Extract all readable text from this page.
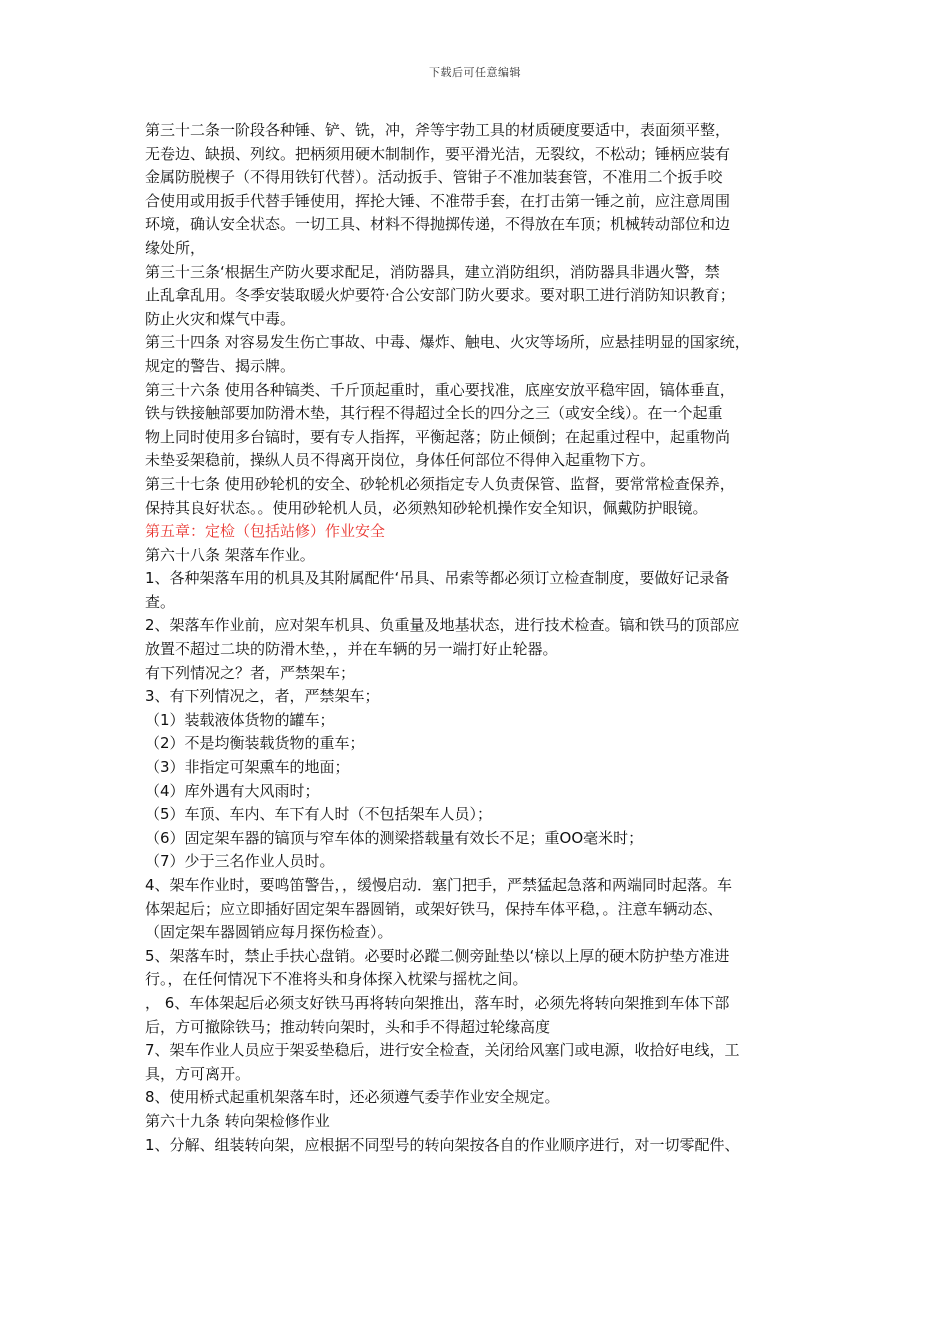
下载后可任意编辑
第三十二条一阶段各种锤、铲、铣，冲，斧等宇勃工具的材质硬度要适中，表面须平整，
无卷边、缺损、列纹。把柄须用硬木制制作，要平滑光洁，无裂纹，不松动；锤柄应装有
金属防脱楔子（不得用铁钉代替）。活动扳手、管钳子不准加装套管，不准用二个扳手咬
合使用或用扳手代替手锤使用，挥抡大锤、不准带手套，在打击第一锤之前，应注意周围
环境，确认安全状态。一切工具、材料不得抛掷传递，不得放在车顶；机械转动部位和边
缘处所，
第三十三条‘根据生产防火要求配足，消防器具，建立消防组织，消防器具非遇火警，禁
止乱拿乱用。冬季安装取暖火炉要符·合公安部门防火要求。要对职工进行消防知识教育；
防止火灾和煤气中毒。
第三十四条 对容易发生伤亡事故、中毒、爆炸、触电、火灾等场所，应悬挂明显的国家统，
规定的警告、揭示牌。
第三十六条 使用各种镐类、千斤顶起重时，重心要找准，底座安放平稳牢固，镐体垂直，
铁与铁接触部要加防滑木垫，其行程不得超过全长的四分之三（或安全线）。在一个起重
物上同时使用多台镐时，要有专人指挥，平衡起落；防止倾倒；在起重过程中，起重物尚
未垫妥架稳前，操纵人员不得离开岗位，身体任何部位不得伸入起重物下方。
第三十七条 使用砂轮机的安全、砂轮机必须指定专人负责保管、监督，要常常检查保养，
保持其良好状态。。使用砂轮机人员，必须熟知砂轮机操作安全知识，佩戴防护眼镜。
第五章：定检（包括站修）作业安全
第六十八条 架落车作业。
1、各种架落车用的机具及其附属配件‘吊具、吊索等都必须订立检查制度，要做好记录备
查。
2、架落车作业前，应对架车机具、负重量及地基状态，进行技术检查。镐和铁马的顶部应
放置不超过二块的防滑木垫，，并在车辆的另一端打好止轮器。
有下列情况之？者，严禁架车；
3、有下列情况之，者，严禁架车；
（1）装载液体货物的罐车；
（2）不是均衡装载货物的重车；
（3）非指定可架熏车的地面；
（4）库外遇有大风雨时；
（5）车顶、车内、车下有人时（不包括架车人员）；
（6）固定架车器的镐顶与窄车体的测梁搭载量有效长不足；重OO毫米时；
（7）少于三名作业人员时。
4、架车作业时，要鸣笛警告，，缓慢启动．塞门把手，严禁猛起急落和两端同时起落。车
体架起后；应立即插好固定架车器圆销，或架好铁马，保持车体平稳，。注意车辆动态、
（固定架车器圆销应每月探伤检查）。
5、架落车时，禁止手扶心盘销。必要时必蹤二侧旁趾垫以‘榇以上厚的硬木防护垫方准进
行。，在任何情况下不准将头和身体探入枕梁与摇枕之间。
， 6、车体架起后必须支好铁马再将转向架推出，落车时，必须先将转向架推到车体下部
后，方可撤除铁马；推动转向架时，头和手不得超过轮缘高度
7、架车作业人员应于架妥垫稳后，进行安全检查，关闭给风塞门或电源，收拾好电线，工
具，方可离开。
8、使用桥式起重机架落车时，还必须遵气委芋作业安全规定。
第六十九条 转向架检修作业
1、分解、组装转向架，应根据不同型号的转向架按各自的作业顺序进行，对一切零配件、
